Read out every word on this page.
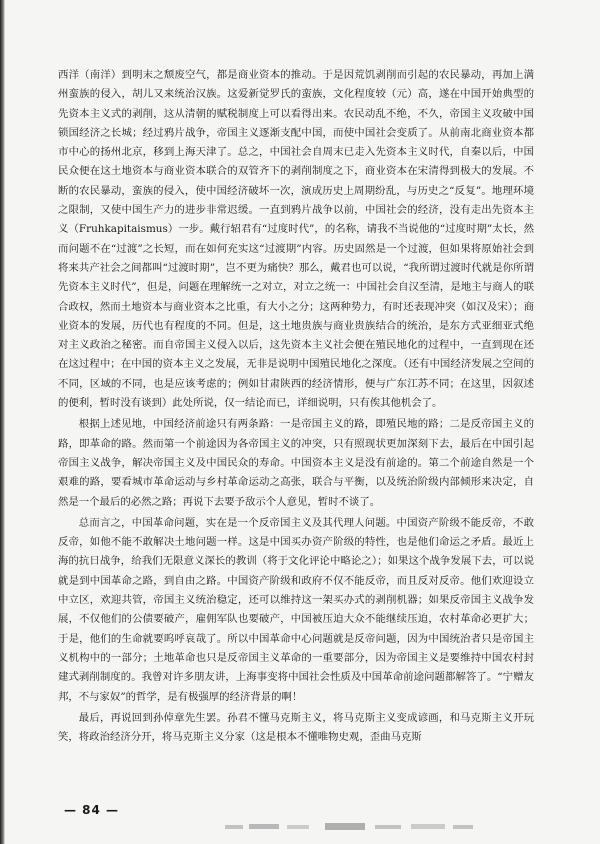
西洋（南洋）到明末之颓废空气，都是商业资本的推动。于是因荒饥剥削而引起的农民暴动，再加上满州蛮族的侵入，胡儿又来统治汉族。这爱新觉罗氏的蛮族，文化程度较（元）高，遂在中国开始典型的先资本主义式的剥削，这从清朝的赋税制度上可以看得出来。农民动乱不绝，不久，帝国主义攻破中国锁国经济之长城；经过鸦片战争，帝国主义逐渐支配中国，而使中国社会变质了。从前南北商业资本都市中心的扬州北京，移到上海天津了。总之，中国社会自周末已走入先资本主义时代，自秦以后，中国民众便在这土地资本与商业资本联合的双管齐下的剥削制度之下，商业资本在宋清得到极大的发展。不断的农民暴动，蛮族的侵入，使中国经济破坏一次，演成历史上周期纷乱，与历史之“反复”。地理环境之限制，又使中国生产力的进步非常迟缓。一直到鸦片战争以前，中国社会的经济，没有走出先资本主义（Fruhkapitaismus）一步。戴行轺君有“过度时代”，的名称，请我不当说他的“过度时期”太长，然而问题不在“过渡”之长短，而在如何充实这“过渡期”内容。历史固然是一个过渡，但如果将原始社会到将来共产社会之间都叫“过渡时期”，岂不更为痛快？那么，戴君也可以说，“我所谓过渡时代就是你所谓先资本主义时代”，但是，问题在理解统一之对立，对立之统一：中国社会自汉至清，是地主与商人的联合政权，然而土地资本与商业资本之比重，有大小之分；这两种势力，有时还表现冲突（如汉及宋）；商业资本的发展，历代也有程度的不同。但是，这土地贵族与商业贵族结合的统治，是东方式亚细亚式绝对主义政治之秘密。而自帝国主义侵入以后，这先资本主义社会便在殖民地化的过程中，一直到现在还在这过程中；在中国的资本主义之发展，无非是说明中国殖民地化之深度。（还有中国经济发展之空间的不同，区域的不同，也是应该考虑的；例如甘肃陕西的经济情形，便与广东江苏不同；在这里，因叙述的便利，暂时没有谈到）此处所说，仅一结论而已，详细说明，只有俟其他机会了。

根据上述见地，中国经济前途只有两条路：一是帝国主义的路，即殖民地的路；二是反帝国主义的路，即革命的路。然而第一个前途因为各帝国主义的冲突，只有照现状更加深刻下去，最后在中国引起帝国主义战争，解决帝国主义及中国民众的寿命。中国资本主义是没有前途的。第二个前途自然是一个艰难的路，要看城市革命运动与乡村革命运动之高张，联合与平衡，以及统治阶级内部倾形来决定，自然是一个最后的必然之路；再说下去要予敌示个人意见，暂时不谈了。

总而言之，中国革命问题，实在是一个反帝国主义及其代理人问题。中国资产阶级不能反帝，不敢反帝，如他不能不敢解决土地问题一样。这是中国买办资产阶级的特性，也是他们命运之矛盾。最近上海的抗日战争，给我们无限意义深长的教训（将于文化评论中略论之）；如果这个战争发展下去，可以说就是到中国革命之路，到自由之路。中国资产阶级和政府不仅不能反帝，而且反对反帝。他们欢迎设立中立区，欢迎共管，帝国主义统治稳定，还可以维持这一架买办式的剥削机器；如果反帝国主义战争发展，不仅他们的公债要破产，雇佣军队也要破产，中国被压迫大众不能继续压迫，农村革命必更扩大；于是，他们的生命就要呜呼哀哉了。所以中国革命中心问题就是反帝问题，因为中国统治者只是帝国主义机构中的一部分；土地革命也只是反帝国主义革命的一重要部分，因为帝国主义是要维持中国农村封建式剥削制度的。我曾对许多朋友讲，上海事变将中国社会性质及中国革命前途问题都解答了。“宁赠友邦，不与家奴”的哲学，是有极强厚的经济背景的啊！

最后，再说回到孙倬章先生罢。孙君不懂马克斯主义，将马克斯主义变成谚画，和马克斯主义开玩笑，将政治经济分开，将马克斯主义分家（这是根本不懂唯物史观，歪曲马克斯

— 84 —
